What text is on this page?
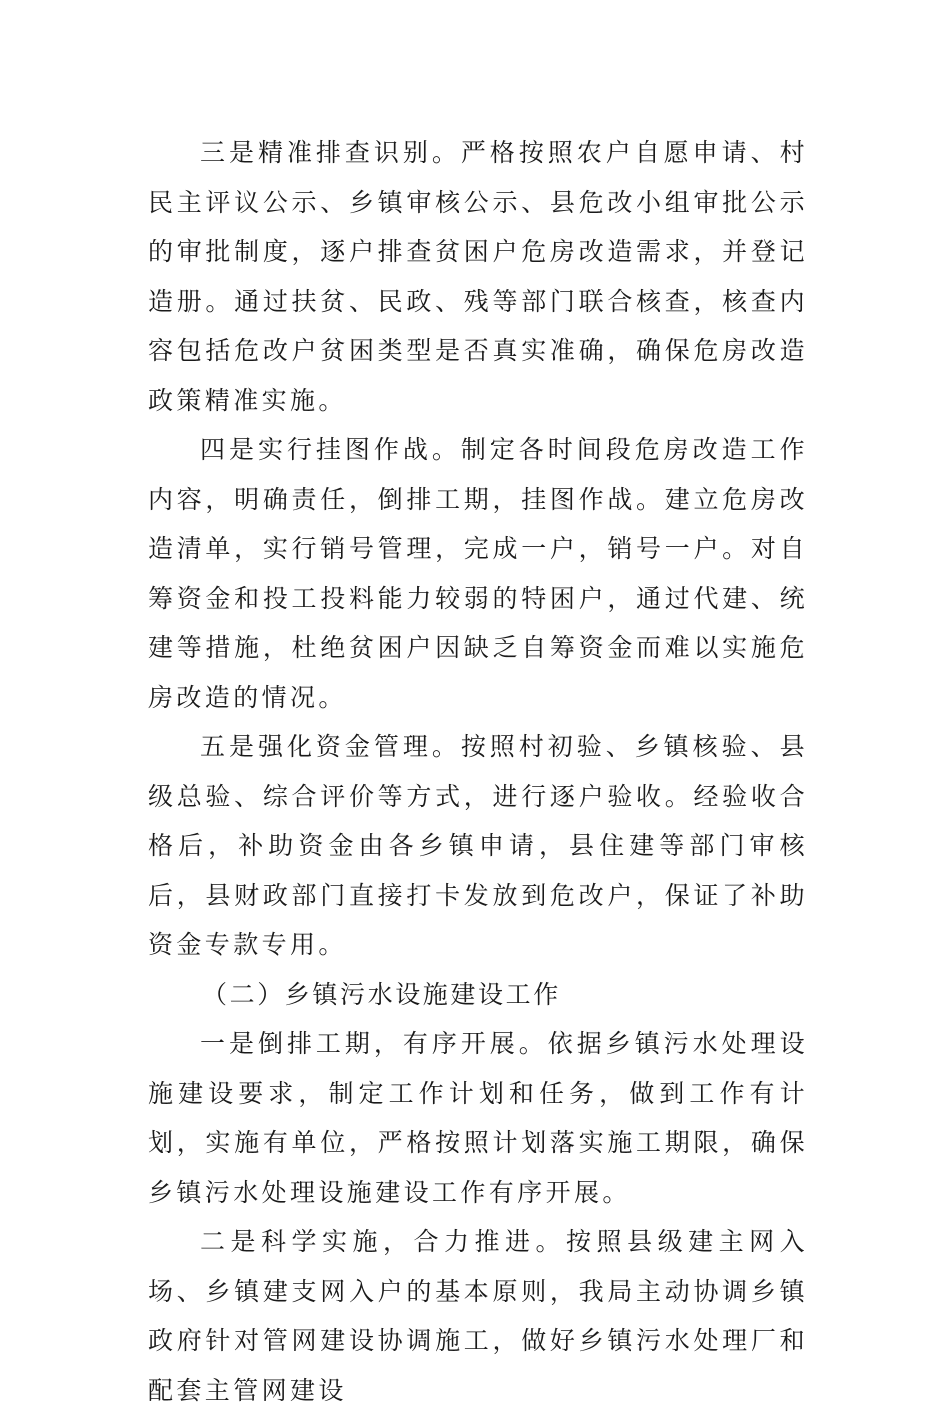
三是精准排查识别。严格按照农户自愿申请、村民主评议公示、乡镇审核公示、县危改小组审批公示的审批制度，逐户排查贫困户危房改造需求，并登记造册。通过扶贫、民政、残等部门联合核查，核查内容包括危改户贫困类型是否真实准确，确保危房改造政策精准实施。

四是实行挂图作战。制定各时间段危房改造工作内容，明确责任，倒排工期，挂图作战。建立危房改造清单，实行销号管理，完成一户，销号一户。对自筹资金和投工投料能力较弱的特困户，通过代建、统建等措施，杜绝贫困户因缺乏自筹资金而难以实施危房改造的情况。

五是强化资金管理。按照村初验、乡镇核验、县级总验、综合评价等方式，进行逐户验收。经验收合格后，补助资金由各乡镇申请，县住建等部门审核后，县财政部门直接打卡发放到危改户，保证了补助资金专款专用。

（二）乡镇污水设施建设工作

一是倒排工期，有序开展。依据乡镇污水处理设施建设要求，制定工作计划和任务，做到工作有计划，实施有单位，严格按照计划落实施工期限，确保乡镇污水处理设施建设工作有序开展。

二是科学实施，合力推进。按照县级建主网入场、乡镇建支网入户的基本原则，我局主动协调乡镇政府针对管网建设协调施工，做好乡镇污水处理厂和配套主管网建设
